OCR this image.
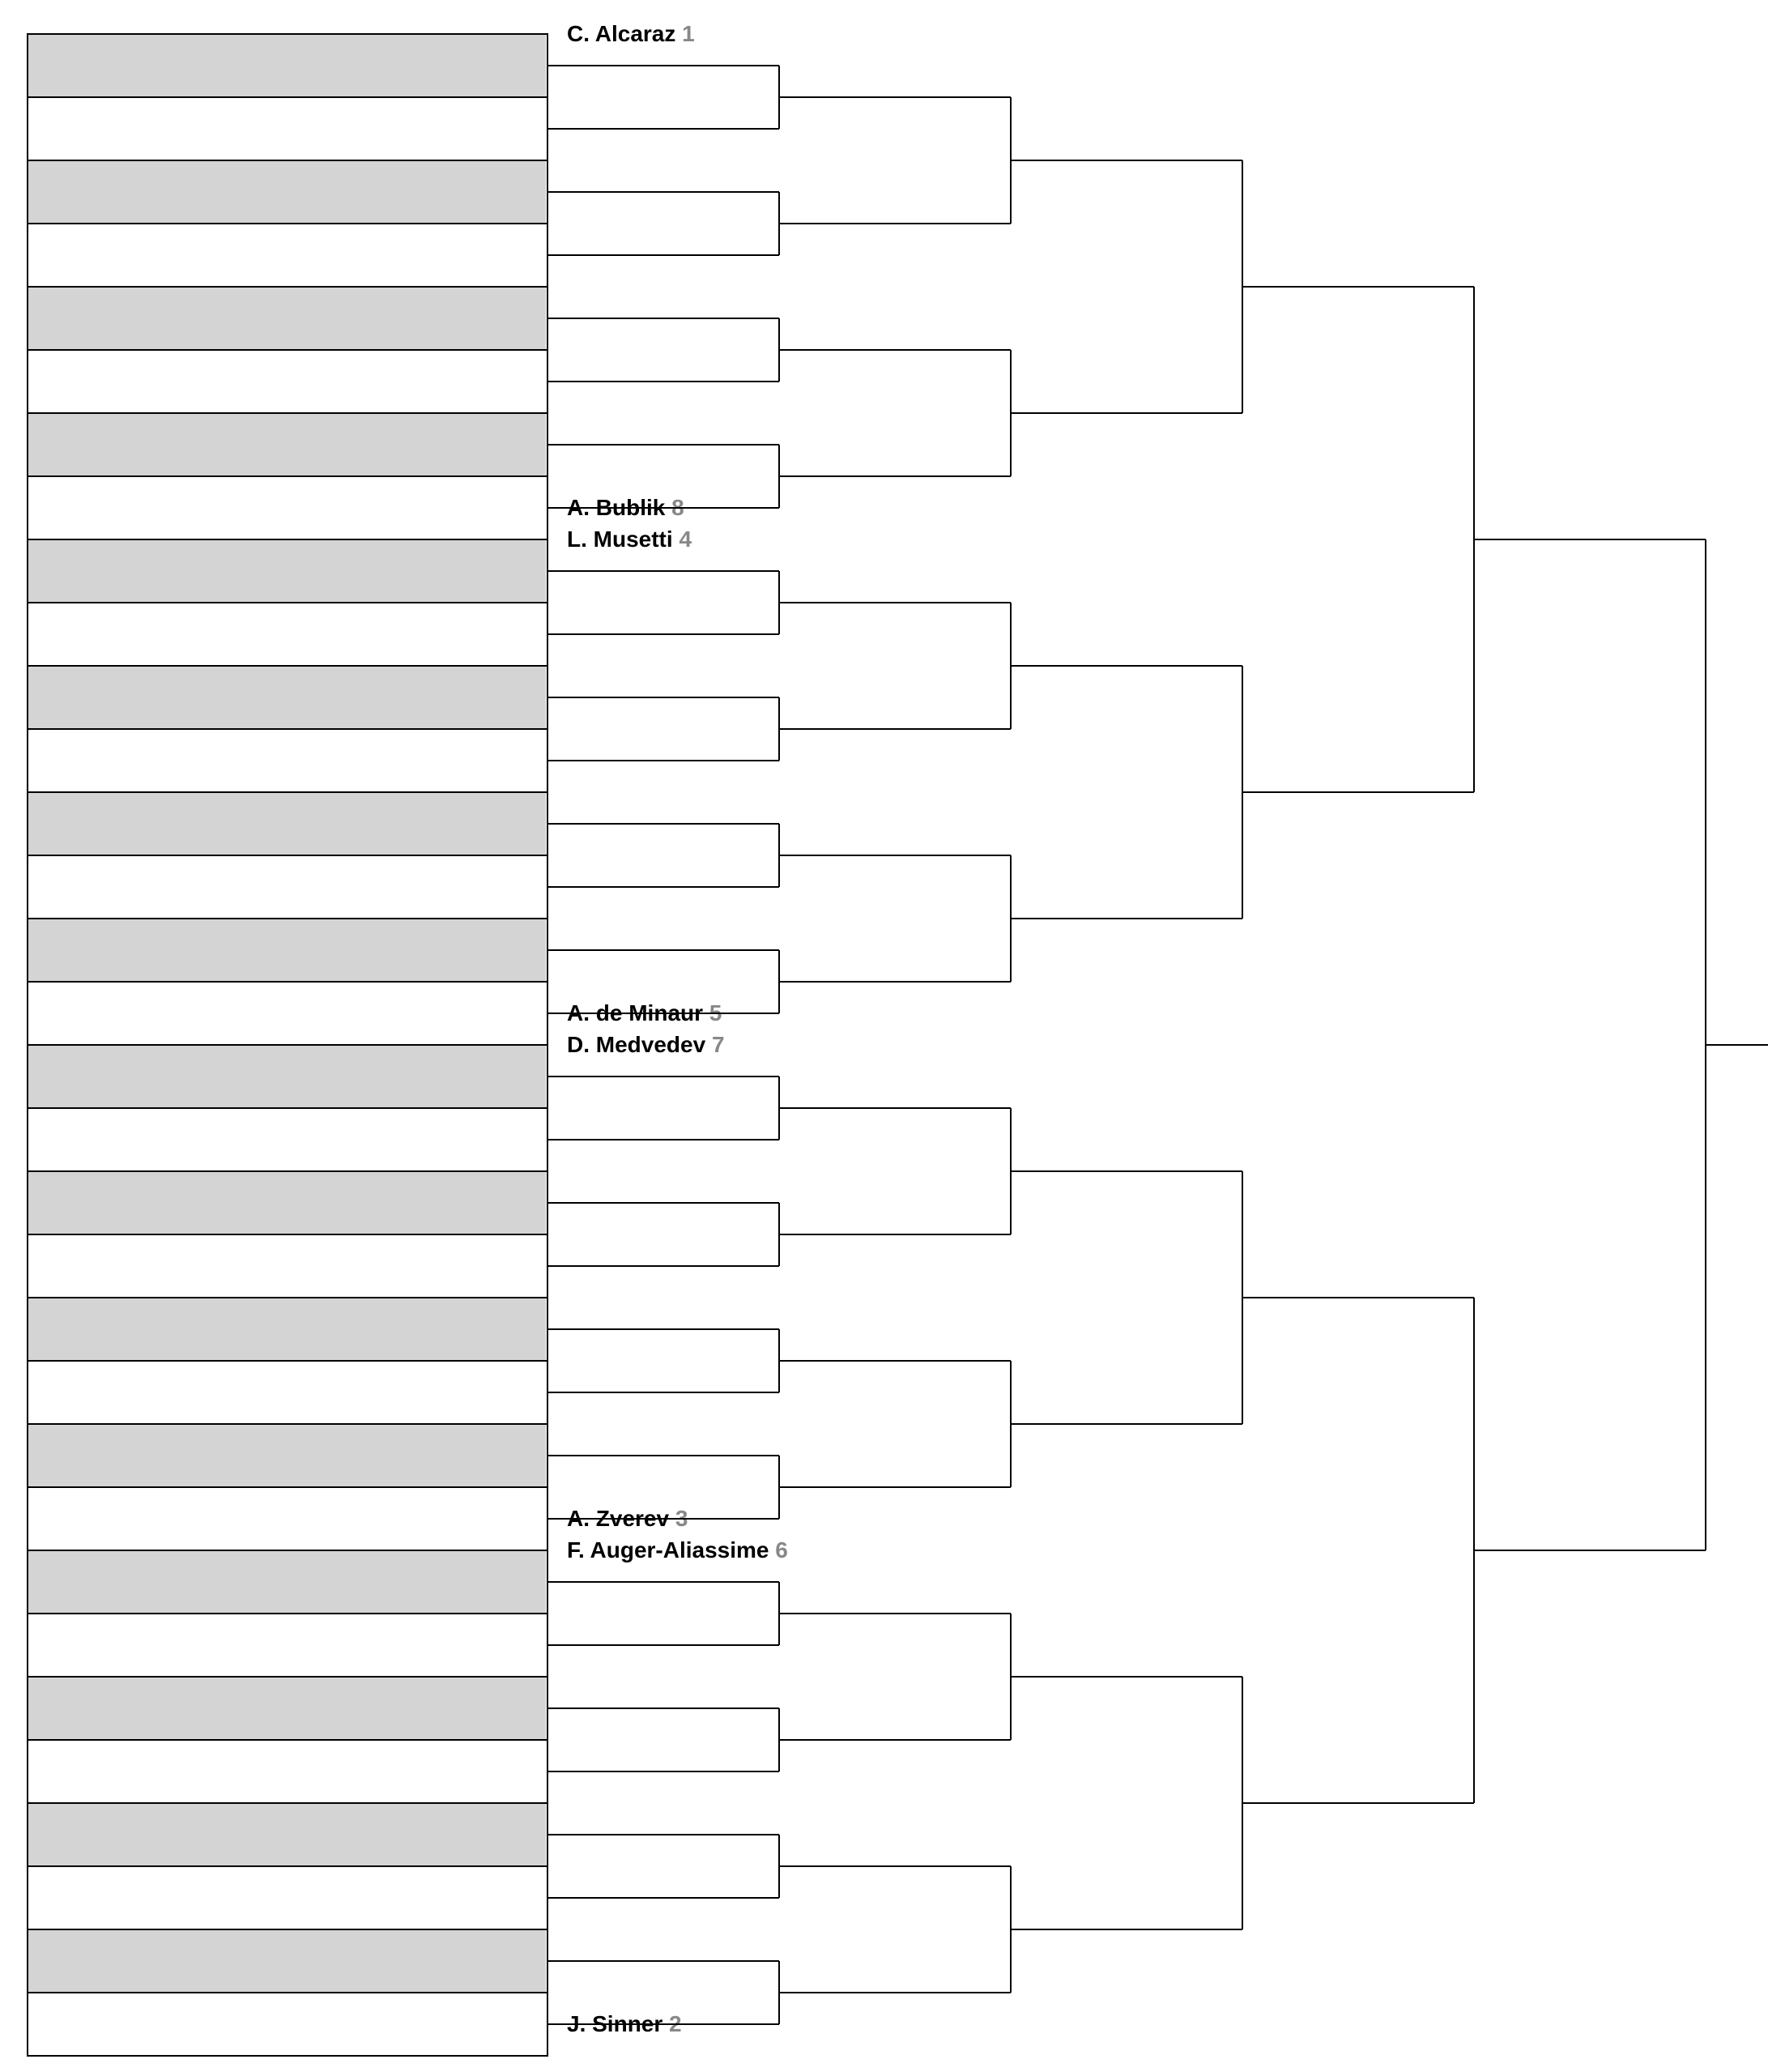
C. Alcaraz 1
A. Bublik 8
L. Musetti 4
A. de Minaur 5
D. Medvedev 7
A. Zverev 3
F. Auger-Aliassime 6
J. Sinner 2
